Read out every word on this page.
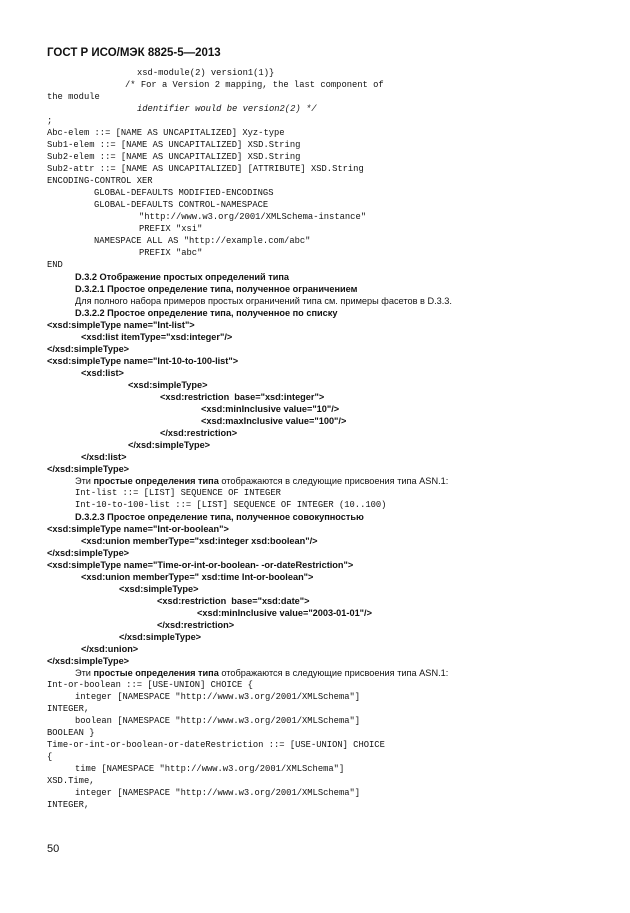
ГОСТ Р ИСО/МЭК 8825-5—2013
xsd-module(2) version1(1)}
/* For a Version 2 mapping, the last component of
the module
identifier would be version2(2) */
;
Abc-elem ::= [NAME AS UNCAPITALIZED] Xyz-type
Sub1-elem ::= [NAME AS UNCAPITALIZED] XSD.String
Sub2-elem ::= [NAME AS UNCAPITALIZED] XSD.String
Sub2-attr ::= [NAME AS UNCAPITALIZED] [ATTRIBUTE] XSD.String
ENCODING-CONTROL XER
GLOBAL-DEFAULTS MODIFIED-ENCODINGS
GLOBAL-DEFAULTS CONTROL-NAMESPACE
"http://www.w3.org/2001/XMLSchema-instance"
PREFIX "xsi"
NAMESPACE ALL AS "http://example.com/abc"
PREFIX "abc"
END
D.3.2 Отображение простых определений типа
D.3.2.1 Простое определение типа, полученное ограничением
Для полного набора примеров простых ограничений типа см. примеры фасетов в D.3.3.
D.3.2.2 Простое определение типа, полученное по списку
<xsd:simpleType name="Int-list">
<xsd:list itemType="xsd:integer"/>
</xsd:simpleType>
<xsd:simpleType name="Int-10-to-100-list">
<xsd:list>
<xsd:simpleType>
<xsd:restriction  base="xsd:integer">
<xsd:minInclusive value="10"/>
<xsd:maxInclusive value="100"/>
</xsd:restriction>
</xsd:simpleType>
</xsd:list>
</xsd:simpleType>
Эти простые определения типа отображаются в следующие присвоения типа ASN.1:
Int-list ::= [LIST] SEQUENCE OF INTEGER
Int-10-to-100-list ::= [LIST] SEQUENCE OF INTEGER (10..100)
D.3.2.3 Простое определение типа, полученное совокупностью
<xsd:simpleType name="Int-or-boolean">
<xsd:union memberType="xsd:integer xsd:boolean"/>
</xsd:simpleType>
<xsd:simpleType name="Time-or-int-or-boolean- -or-dateRestriction">
<xsd:union memberType=" xsd:time Int-or-boolean">
<xsd:simpleType>
<xsd:restriction  base="xsd:date">
<xsd:minInclusive value="2003-01-01"/>
</xsd:restriction>
</xsd:simpleType>
</xsd:union>
</xsd:simpleType>
Эти простые определения типа отображаются в следующие присвоения типа ASN.1:
Int-or-boolean ::= [USE-UNION] CHOICE {
integer [NAMESPACE "http://www.w3.org/2001/XMLSchema"]
INTEGER,
boolean [NAMESPACE "http://www.w3.org/2001/XMLSchema"]
BOOLEAN }
Time-or-int-or-boolean-or-dateRestriction ::= [USE-UNION] CHOICE
{
time [NAMESPACE "http://www.w3.org/2001/XMLSchema"]
XSD.Time,
integer [NAMESPACE "http://www.w3.org/2001/XMLSchema"]
INTEGER,
50
